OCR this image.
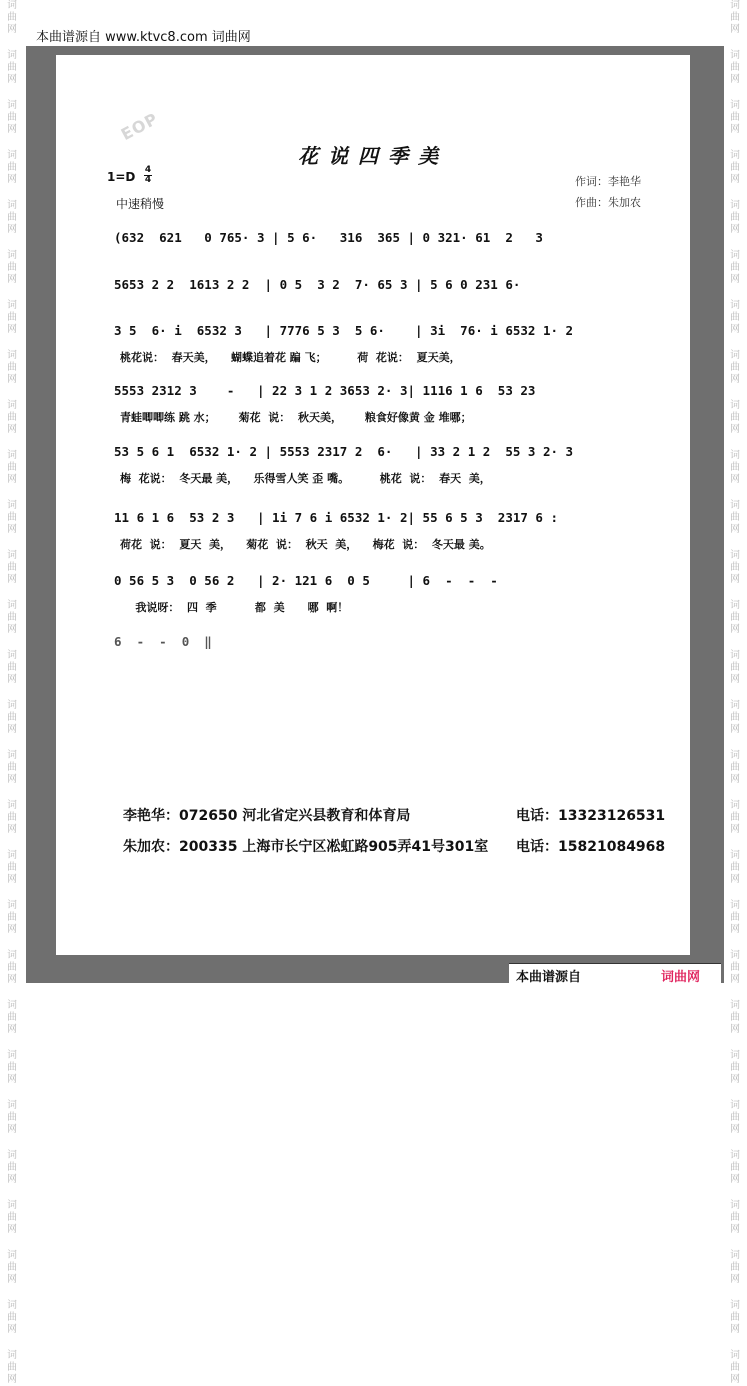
词
曲
网
词
曲
网
词
曲
网
词
曲
网
词
曲
网
词
曲
网
词
曲
网
词
曲
网
词
曲
网
词
曲
网
词
曲
网
词
曲
网
词
曲
网
词
曲
网
词
曲
网
词
曲
网
词
曲
网
词
曲
网
词
曲
网
词
曲
网
词
曲
网
词
曲
网
词
曲
网
词
曲
网
词
曲
网
词
曲
网
词
曲
网
词
曲
网
词
曲
网
词
曲
网
词
曲
网
词
曲
网
词
曲
网
词
曲
网
词
曲
网
词
曲
网
词
曲
网
词
曲
网
词
曲
网
词
曲
网
词
曲
网
词
曲
网
词
曲
网
词
曲
网
词
曲
网
词
曲
网
词
曲
网
词
曲
网
词
曲
网
词
曲
网
词
曲
网
词
曲
网
词
曲
网
词
曲
网
词
曲
网
词
曲
网
本曲谱源自 www.ktvc8.com 词曲网
EOP
花说四季美
1=D 4
4
中速稍慢
作词：李艳华
作曲：朱加农
(632  621   0 765· 3 | 5 6·   316  365 | 0 321· 61  2   3
5653 2 2  1613 2 2  | 0 5  3 2  7· 65 3 | 5 6 0 231 6·
3 5  6· i  6532 3   | 7776 5 3  5 6·    | 3i  76· i 6532 1· 2
桃花说：  春天美，    蝴蝶追着花 蹁 飞；        荷  花说：  夏天美，
5553 2312 3    -   | 22 3 1 2 3653 2· 3| 1116 1 6  53 23
青蛙唧唧练 跳 水；      菊花  说：  秋天美，      粮食好像黄 金 堆哪；
53 5 6 1  6532 1· 2 | 5553 2317 2  6·   | 33 2 1 2  55 3 2· 3
梅  花说：  冬天最 美，    乐得雪人笑 歪 嘴。        桃花  说：  春天  美，
11 6 1 6  53 2 3   | 1i 7 6 i 6532 1· 2| 55 6 5 3  2317 6 :
荷花  说：  夏天  美，    菊花  说：  秋天  美，    梅花  说：  冬天最 美。
0 56 5 3  0 56 2   | 2· 121 6  0 5     | 6  -  -  -
我说呀：  四  季          都  美      哪  啊！
6  -  -  0  ‖
李艳华：072650 河北省定兴县教育和体育局	电话：13323126531
朱加农：200335 上海市长宁区凇虹路905弄41号301室 电话：15821084968
本曲谱源自	词曲网
